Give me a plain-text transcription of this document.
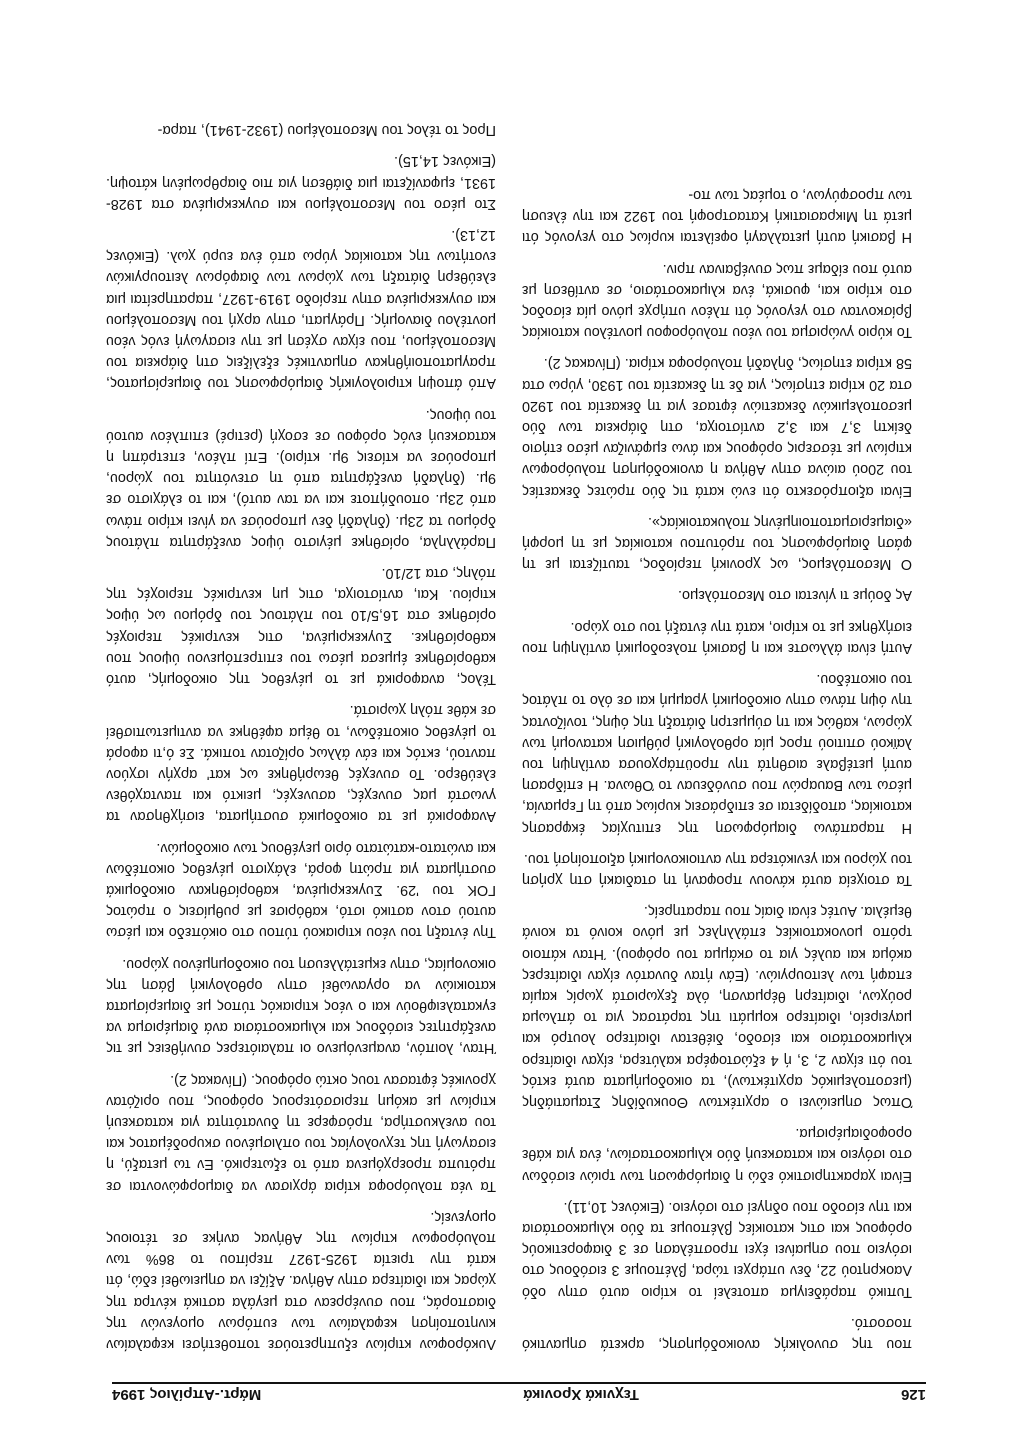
126
Τεχνικά Χρονικά
Μάρτ.-Απρίλιος 1994

που της συνολικής ανοικοδόμησης, αρκετά σημαντικό ποσοστό.

Τυπικό παράδειγμα αποτελεί το κτίριο αυτό στην οδό Λαοκρητού 22, δεν υπάρχει τώρα, βλέπουμε 3 εισόδους στο ισόγειο που σημαίνει έχει προσπέλαση σε 3 διαφορετικούς ορόφους και στις κατοικίες βλέπουμε τα δύο κλιμακοστάσια και την είσοδο που οδηγεί στο ισόγειο. (Εικόνες 10,11).

Είναι χαρακτηριστικό εδώ η διαμόρφωση των τριών εισόδων στο ισόγειο και κατασκευή δύο κλιμακοστασίων, ένα για κάθε ορoφοδιαμέρισμα.

Όπως σημειώνει ο αρχιτέκτων Θουκυδίδης Σταματιάδης (μεσοπολεμικός αρχιτέκτων), τα οικοδομήματα αυτά εκτός του ότι είχαν 2, 3, ή 4 εξώστοφέρα καλύτερα, είχαν ιδιαίτερο κλιμακοστάσιο και είσοδο, διέθεταν ιδιαίτερο λουτρό και μαγειρείο, ιδιαίτερο κομμάτι της ταράτσας για το άπλωμα ρούχων, ιδιαίτερη θέρμανση, όλα ξεχωριστά χωρίς καμία επαφή των λειτουργιών. (Εάν ήταν δυνατόν είχαν ιδιαίτερες ακόμα και αυλές για το σκάμμα του ορόφου). Ήταν κάποιο τρόπο μονοκατοικίες επάλληλες με μόνο κοινό τα κοινά θεμέλια. Αυτές είναι διαίς που παρατηρείς.

Τα στοιχεία αυτά κάνουν προφανή τη σταδιακή στη χρήση του χώρου και γενικότερα την αντιοικονομική αξιοποίησή του.

Η παραπάνω διαμόρφωση της επιτυχίας έκφρασης κατοικίας, αποδίδεται σε επιδράσεις κυρίως από τη Γερμανία, μέσω των Βαυαρών που συνόδευαν το Όθωνα. Η επίδραση αυτή μετέβαλε αισθητά την προϋπάρχουσα αντίληψη του λαϊκού σπιτιού προς μία ορθολογική ρύθμιση κατανομή των χώρων, καθώς και τη σύμμετρη διάταξη της όψης, τονίζοντας την όψη πάνω στην οικοδομική γραμμή και σε όλο το πλάτος του οικοπέδου.

Αυτή είναι άλλωστε και η βασική πολεοδομική αντίληψη που εισήχθηκε με το κτίριο, κατά την ένταξή του στο χώρο.

Ας δούμε τι γίνεται στο Μεσοπόλεμο.

Ο Μεσοπόλεμος, ως χρονική περίοδος, ταυτίζεται με τη φάση διαμόρφωσης του πρότυπου κατοικίας με τη μορφή «διαμερισματοποιημένης πολυκατοικίας».

Είναι αξιοπρόσεκτο ότι ενώ κατά τις δύο πρώτες δεκαετίες του 20ού αιώνα στην Αθήνα η ανοικοδόμηση πολυόροφων κτιρίων με τέσσερις ορόφους και άνω εμφάνιζαν μέσο ετήσιο δείκτη 3,7 και 3,2 αντίστοιχα, στη διάρκεια των δύο μεσοπολεμικών δεκαετιών έφτασε για τη δεκαετία του 1920 στα 20 κτίρια ετησίως, για δε τη δεκαετία του 1930, γύρω στα 58 κτίρια ετησίως, δηλαδή πολυόροφα κτίρια. (Πίνακας 2).

Το κύριο γνώρισμα του νέου πολυόροφου μοντέλου κατοικίας βρίσκονταν στο γεγονός ότι πλέον υπήρχε μόνο μία είσοδος στο κτίριο και, φυσικά, ένα κλιμακοστάσιο, σε αντίθεση με αυτό που είδαμε πως συνέβαιναν πριν.

Η βασική αυτή μεταλλαγή οφείλεται κυρίως στο γεγονός ότι μετά τη Μικρασιατική Καταστροφή του 1922 και την έλευση των προσφύγων, ο τομέας των πο-

Λυκόροφων κτιρίων εξυπηρετούσε τοποθετήσει κεφαλαίων κινητοποίηση κεφαλαίων των ευπόρων ομογενών της διασποράς, που συνέρρεαν στα μεγάλα αστικά κέντρα της χώρας και ιδιαίτερα στην Αθήνα. Αξίζει να σημειωθεί εδώ, ότι κατά την τριετία 1925-1927 περίπου το 86% των πολυόροφων κτιρίων της Αθήνας ανήκε σε τέτοιους ομογενείς.

Τα νέα πολυόροφα κτίρια άρχισαν να διαμορφώνονται σε πρότυπα προερχόμενα από το εξωτερικό. Εν τω μεταξύ, η εισαγωγή της τεχνολογίας του οπλισμένου σκυροδέματος και του ανελκυστήρα, πρόσφερε τη δυνατότητα για κατασκευή κτιρίων με ακόμη περισσότερους ορόφους, που οριζόταν χρονικές έφτασαν τους οκτώ ορόφους. (Πίνακας 2).

Ήταν, λοιπόν, αναμενόμενο οι παλαιότερες συνήθειες με τις ανεξάρτητες εισόδους και κλιμακοστάσια ανά διαμέρισμα να εγκαταλειφθούν και ο νέος κτιριακός τύπος με διαμερίσματα κατοικιών να οργανωθεί στην ορθολογική βάση της οικονομίας, στην εκμετάλλευση του οικοδομημένου χώρου.

Την ένταξη του νέου κτιριακού τύπου στο οικόπεδο και μέσω αυτού στον αστικό ιστό, καθόρισε με ρυθμίσεις ο πρώτος ΓΟΚ του '29. Συγκεκριμένα, καθορίσθηκαν οικοδομικά συστήματα για πρώτη φορά, ελάχιστο μέγεθος οικοπέδων και ανώτατο-κατώτατο όριο μεγέθους των οικοδομών.

Αναφορικά με τα οικοδομικά συστήματα, εισήχθησαν τα γνωστά μας συνεχές, ασυνεχές, μεικτό και πανταχόθεν ελεύθερο. Το συνεχές θεωρήθηκε ως κατ' αρχήν ισχύον παντού, εκτός και εάν άλλως ορίζοταν τοπικά. Σε ό,τι αφορά το μέγεθος οικοπέδων, το θέμα αφέθηκε να αντιμετωπισθεί σε κάθε πόλη χωριστά.

Τέλος, αναφορικά με το μέγεθος της οικοδομής, αυτό καθορίσθηκε έμμεσα μέσω του επιτρεπόμενου ύψους που καθορίσθηκε. Συγκεκριμένα, στις κεντρικές περιοχές ορίσθηκε στα 16,5/10 του πλάτους του δρόμου ως ύψος κτιρίου. Και, αντίστοιχα, στις μη κεντρικές περιοχές της πόλης, στα 12/10.

Παράλληλα, ορίσθηκε μέγιστο ύψος ανεξάρτητα πλάτους δρόμου τα 23μ. (δηλαδή δεν μπορούσε να γίνει κτίριο πάνω από 23μ. οπουδήποτε και να ταν αυτό), και το ελάχιστο σε 9μ. (δηλαδή ανεξάρτητα από τη στενότητα του χώρου, μπορούσε να κτίσεις 9μ. κτίριο). Επί πλέον, επετράπη η κατασκευή ενός ορόφου σε εσοχή (ρετιρέ) επιπλέον αυτού του ύψους.

Από άποψη κτιριολογικής διαμόρφωσης του διαμερίσματος, πραγματοποιήθηκαν σημαντικές εξελίξεις στη διάρκεια του Μεσοπολέμου, που είχαν σχέση με την εισαγωγή ενός νέου μοντέλου διανομής. Πράγματι, στην αρχή του Μεσοπολέμου και συγκεκριμένα στην περίοδο 1919-1927, παρατηρείται μια ελεύθερη διάταξη των χώρων των διαφόρων λειτουργικών ενοτήτων της κατοικίας γύρω από ένα ευρύ χωλ. (Εικόνες 12,13).

Στο μέσο του Μεσοπολέμου και συγκεκριμένα στα 1928-1931, εμφανίζεται μια διάθεση για πιο διαρθρωμένη κάτοψη. (Εικόνες 14,15).

Προς το τέλος του Μεσοπολέμου (1932-1941), παρα-
